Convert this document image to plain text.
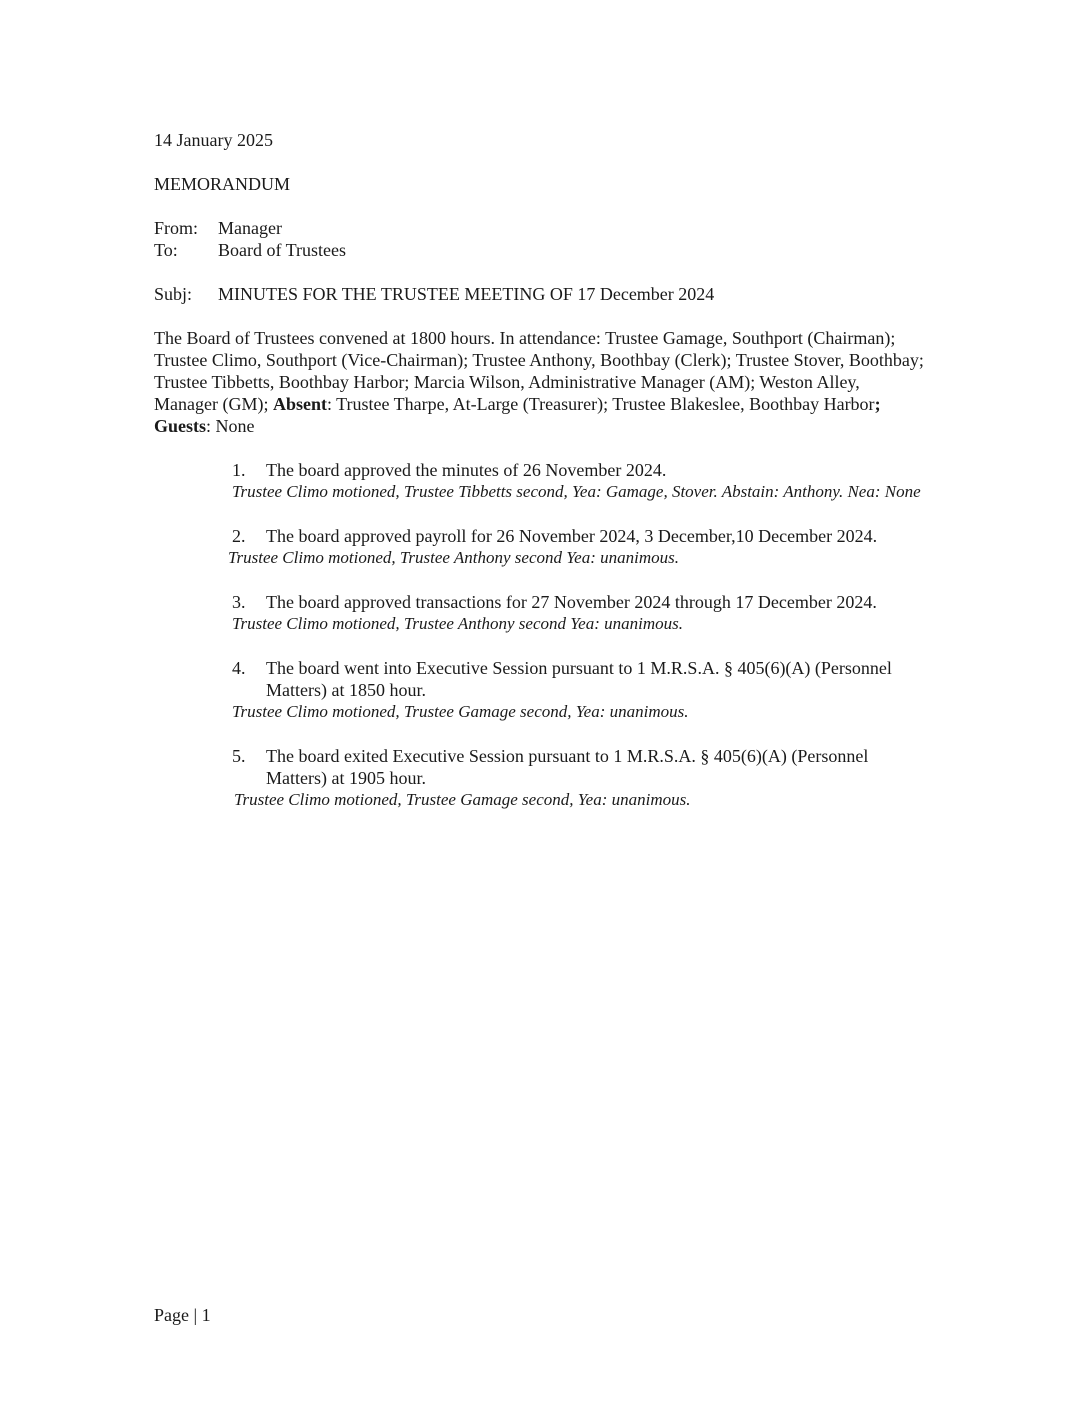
14 January 2025
MEMORANDUM
From:	Manager
To:	Board of Trustees
Subj:	MINUTES FOR THE TRUSTEE MEETING OF 17 December 2024
The Board of Trustees convened at 1800 hours. In attendance: Trustee Gamage, Southport (Chairman); Trustee Climo, Southport (Vice-Chairman); Trustee Anthony, Boothbay (Clerk); Trustee Stover, Boothbay; Trustee Tibbetts, Boothbay Harbor; Marcia Wilson, Administrative Manager (AM); Weston Alley, Manager (GM); Absent: Trustee Tharpe, At-Large (Treasurer); Trustee Blakeslee, Boothbay Harbor; Guests: None
1.	The board approved the minutes of 26 November 2024.
Trustee Climo motioned, Trustee Tibbetts second, Yea: Gamage, Stover. Abstain: Anthony. Nea: None
2.	The board approved payroll for 26 November 2024, 3 December,10 December 2024.
Trustee Climo motioned, Trustee Anthony second Yea: unanimous.
3.	The board approved transactions for 27 November 2024 through 17 December 2024.
Trustee Climo motioned, Trustee Anthony second Yea: unanimous.
4.	The board went into Executive Session pursuant to 1 M.R.S.A. § 405(6)(A) (Personnel Matters) at 1850 hour.
Trustee Climo motioned, Trustee Gamage second, Yea: unanimous.
5.	The board exited Executive Session pursuant to 1 M.R.S.A. § 405(6)(A) (Personnel Matters) at 1905 hour.
Trustee Climo motioned, Trustee Gamage second, Yea: unanimous.
Page | 1
